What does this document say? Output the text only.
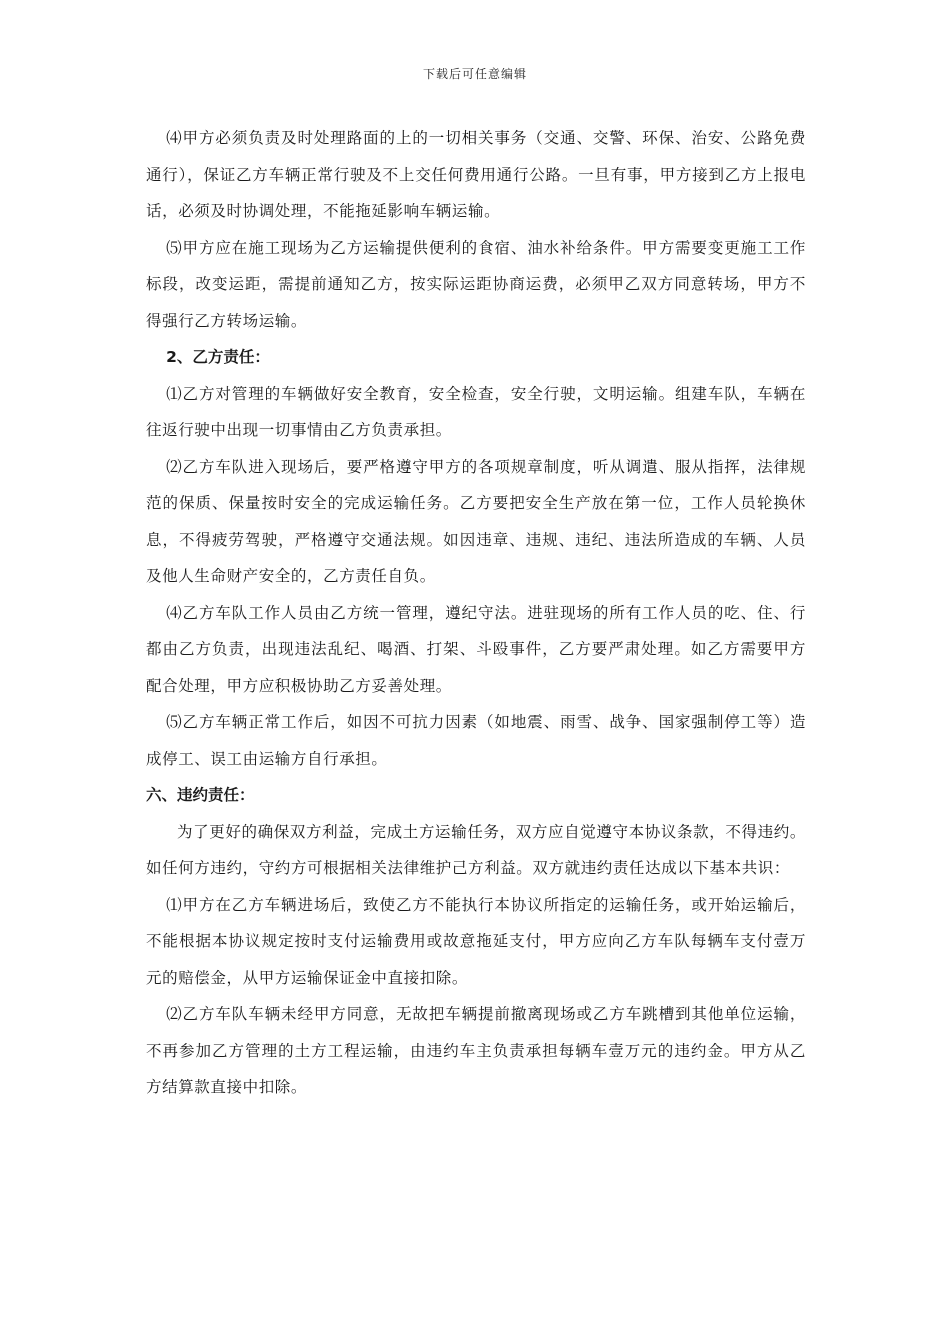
下载后可任意编辑

⑷甲方必须负责及时处理路面的上的一切相关事务（交通、交警、环保、治安、公路免费通行），保证乙方车辆正常行驶及不上交任何费用通行公路。一旦有事，甲方接到乙方上报电话，必须及时协调处理，不能拖延影响车辆运输。

⑸甲方应在施工现场为乙方运输提供便利的食宿、油水补给条件。甲方需要变更施工工作标段，改变运距，需提前通知乙方，按实际运距协商运费，必须甲乙双方同意转场，甲方不得强行乙方转场运输。

2、乙方责任：

⑴乙方对管理的车辆做好安全教育，安全检查，安全行驶，文明运输。组建车队，车辆在往返行驶中出现一切事情由乙方负责承担。

⑵乙方车队进入现场后，要严格遵守甲方的各项规章制度，听从调遣、服从指挥，法律规范的保质、保量按时安全的完成运输任务。乙方要把安全生产放在第一位，工作人员轮换休息，不得疲劳驾驶，严格遵守交通法规。如因违章、违规、违纪、违法所造成的车辆、人员及他人生命财产安全的，乙方责任自负。

⑷乙方车队工作人员由乙方统一管理，遵纪守法。进驻现场的所有工作人员的吃、住、行都由乙方负责，出现违法乱纪、喝酒、打架、斗殴事件，乙方要严肃处理。如乙方需要甲方配合处理，甲方应积极协助乙方妥善处理。

⑸乙方车辆正常工作后，如因不可抗力因素（如地震、雨雪、战争、国家强制停工等）造成停工、误工由运输方自行承担。

六、违约责任：

为了更好的确保双方利益，完成土方运输任务，双方应自觉遵守本协议条款，不得违约。如任何方违约，守约方可根据相关法律维护己方利益。双方就违约责任达成以下基本共识：

⑴甲方在乙方车辆进场后，致使乙方不能执行本协议所指定的运输任务，或开始运输后，不能根据本协议规定按时支付运输费用或故意拖延支付，甲方应向乙方车队每辆车支付壹万元的赔偿金，从甲方运输保证金中直接扣除。

⑵乙方车队车辆未经甲方同意，无故把车辆提前撤离现场或乙方车跳槽到其他单位运输，不再参加乙方管理的土方工程运输，由违约车主负责承担每辆车壹万元的违约金。甲方从乙方结算款直接中扣除。
